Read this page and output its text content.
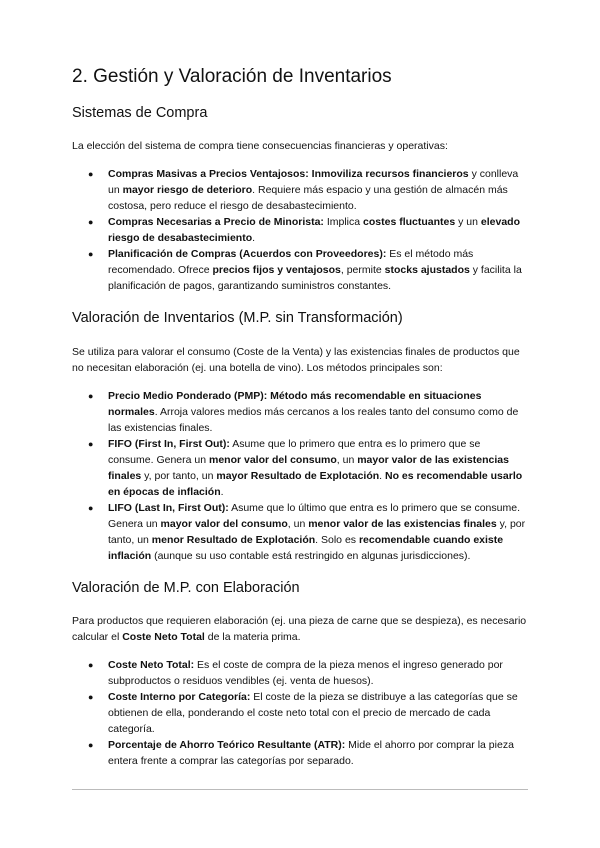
2. Gestión y Valoración de Inventarios
Sistemas de Compra

La elección del sistema de compra tiene consecuencias financieras y operativas:

● Compras Masivas a Precios Ventajosos: Inmoviliza recursos financieros y conlleva un mayor riesgo de deterioro. Requiere más espacio y una gestión de almacén más costosa, pero reduce el riesgo de desabastecimiento.
● Compras Necesarias a Precio de Minorista: Implica costes fluctuantes y un elevado riesgo de desabastecimiento.
● Planificación de Compras (Acuerdos con Proveedores): Es el método más recomendado. Ofrece precios fijos y ventajosos, permite stocks ajustados y facilita la planificación de pagos, garantizando suministros constantes.
Valoración de Inventarios (M.P. sin Transformación)

Se utiliza para valorar el consumo (Coste de la Venta) y las existencias finales de productos que no necesitan elaboración (ej. una botella de vino). Los métodos principales son:

● Precio Medio Ponderado (PMP): Método más recomendable en situaciones normales. Arroja valores medios más cercanos a los reales tanto del consumo como de las existencias finales.
● FIFO (First In, First Out): Asume que lo primero que entra es lo primero que se consume. Genera un menor valor del consumo, un mayor valor de las existencias finales y, por tanto, un mayor Resultado de Explotación. No es recomendable usarlo en épocas de inflación.
● LIFO (Last In, First Out): Asume que lo último que entra es lo primero que se consume. Genera un mayor valor del consumo, un menor valor de las existencias finales y, por tanto, un menor Resultado de Explotación. Solo es recomendable cuando existe inflación (aunque su uso contable está restringido en algunas jurisdicciones).
Valoración de M.P. con Elaboración

Para productos que requieren elaboración (ej. una pieza de carne que se despieza), es necesario calcular el Coste Neto Total de la materia prima.

● Coste Neto Total: Es el coste de compra de la pieza menos el ingreso generado por subproductos o residuos vendibles (ej. venta de huesos).
● Coste Interno por Categoría: El coste de la pieza se distribuye a las categorías que se obtienen de ella, ponderando el coste neto total con el precio de mercado de cada categoría.
● Porcentaje de Ahorro Teórico Resultante (ATR): Mide el ahorro por comprar la pieza entera frente a comprar las categorías por separado.
